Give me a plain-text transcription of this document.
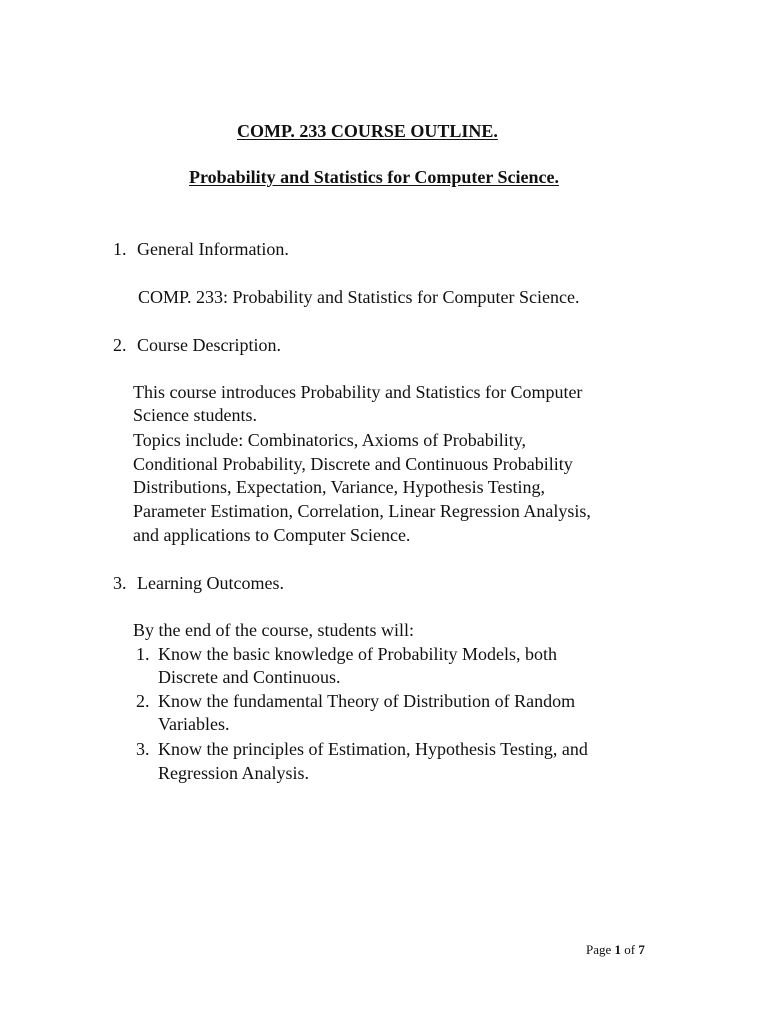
COMP. 233 COURSE OUTLINE.
Probability and Statistics for Computer Science.
1. General Information.
COMP. 233: Probability and Statistics for Computer Science.
2. Course Description.
This course introduces Probability and Statistics for Computer
Science students.
Topics include: Combinatorics, Axioms of Probability,
Conditional Probability, Discrete and Continuous Probability
Distributions, Expectation, Variance, Hypothesis Testing,
Parameter Estimation, Correlation, Linear Regression Analysis,
and applications to Computer Science.
3. Learning Outcomes.
By the end of the course, students will:
1. Know the basic knowledge of Probability Models, both
Discrete and Continuous.
2. Know the fundamental Theory of Distribution of Random
Variables.
3. Know the principles of Estimation, Hypothesis Testing, and
Regression Analysis.
Page 1 of 7
